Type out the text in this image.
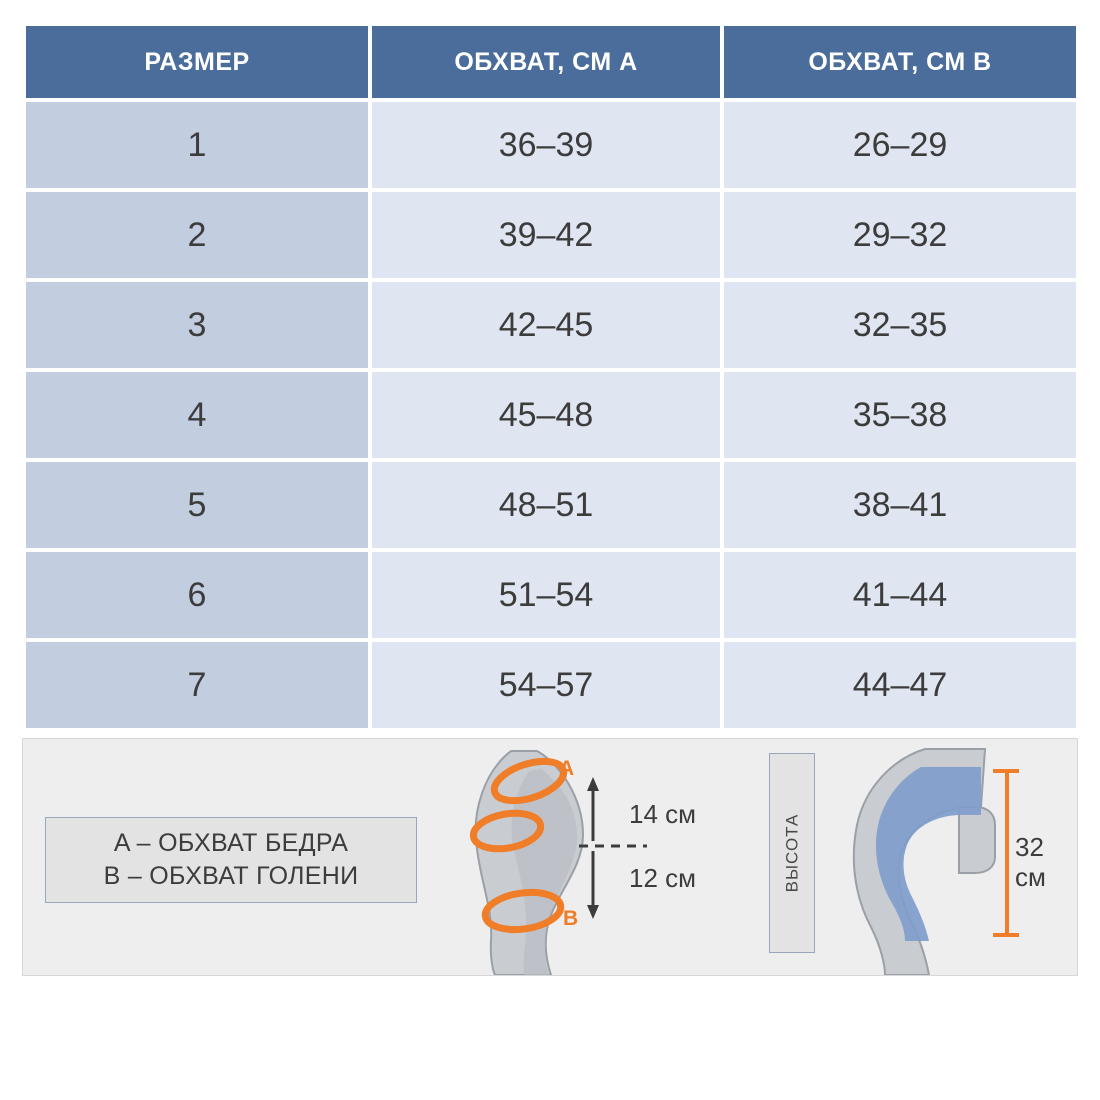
РАЗМЕР	ОБХВАТ, СМ A	ОБХВАТ, СМ B
1	36–39	26–29
2	39–42	29–32
3	42–45	32–35
4	45–48	35–38
5	48–51	38–41
6	51–54	41–44
7	54–57	44–47
A – ОБХВАТ БЕДРА
B – ОБХВАТ ГОЛЕНИ
A
B
14 см
12 см	ВЫСОТА	32
см
